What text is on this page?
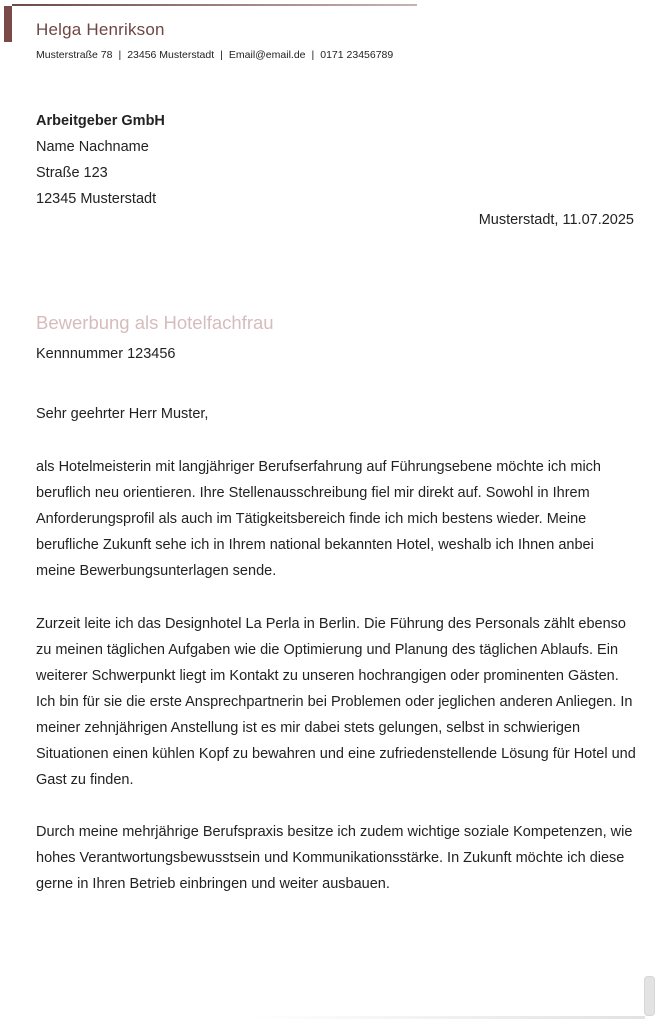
Helga Henrikson
Musterstraße 78 | 23456 Musterstadt | Email@email.de | 0171 23456789
Arbeitgeber GmbH
Name Nachname
Straße 123
12345 Musterstadt
Musterstadt, 11.07.2025
Bewerbung als Hotelfachfrau
Kennnummer 123456
Sehr geehrter Herr Muster,

als Hotelmeisterin mit langjähriger Berufserfahrung auf Führungsebene möchte ich mich beruflich neu orientieren. Ihre Stellenausschreibung fiel mir direkt auf. Sowohl in Ihrem Anforderungsprofil als auch im Tätigkeitsbereich finde ich mich bestens wieder. Meine berufliche Zukunft sehe ich in Ihrem national bekannten Hotel, weshalb ich Ihnen anbei meine Bewerbungsunterlagen sende.

Zurzeit leite ich das Designhotel La Perla in Berlin. Die Führung des Personals zählt ebenso zu meinen täglichen Aufgaben wie die Optimierung und Planung des täglichen Ablaufs. Ein weiterer Schwerpunkt liegt im Kontakt zu unseren hochrangigen oder prominenten Gästen. Ich bin für sie die erste Ansprechpartnerin bei Problemen oder jeglichen anderen Anliegen. In meiner zehnjährigen Anstellung ist es mir dabei stets gelungen, selbst in schwierigen Situationen einen kühlen Kopf zu bewahren und eine zufriedenstellende Lösung für Hotel und Gast zu finden.

Durch meine mehrjährige Berufspraxis besitze ich zudem wichtige soziale Kompetenzen, wie hohes Verantwortungsbewusstsein und Kommunikationsstärke. In Zukunft möchte ich diese gerne in Ihren Betrieb einbringen und weiter ausbauen.
